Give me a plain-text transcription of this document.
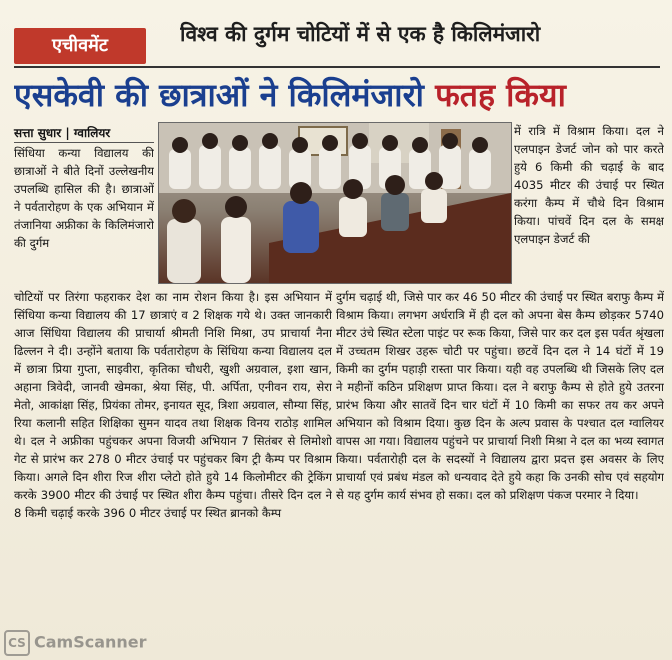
एचीवमेंट	विश्व की दुर्गम चोटियों में से एक है किलिमंजारो
एसकेवी की छात्राओं ने किलिमंजारो फतह किया
सत्ता सुधार | ग्वालियर
सिंधिया कन्या विद्यालय की छात्राओं ने बीते दिनों उल्लेखनीय उपलब्धि हासिल की है। छात्राओं ने पर्वतारोहण के एक अभियान में तंजानिया अफ्रीका के किलिमंजारो की दुर्गम
में रात्रि में विश्राम किया। दल ने एलपाइन डेजर्ट जोन को पार करते हुये 6 किमी की चढ़ाई के बाद 4035 मीटर की उंचाई पर स्थित करंगा कैम्प में चौथे दिन विश्राम किया। पांचवें दिन दल के समक्ष एलपाइन डेजर्ट की
चोटियों पर तिरंगा फहराकर देश का नाम रोशन किया है। इस अभियान में सिंधिया कन्या विद्यालय की 17 छात्राएं व 2 शिक्षक गये थे। उक्त जानकारी आज सिंधिया विद्यालय की प्राचार्या श्रीमती निशि मिश्रा, उप प्राचार्या नैना ढिल्लन ने दी। उन्होंने बताया कि पर्वतारोहण के सिंधिया कन्या विद्यालय दल में छात्रा प्रिया गुप्ता, साइवीरा, कृतिका चौधरी, खुशी अग्रवाल, इशा खान, अहाना त्रिवेदी, जानवी खेमका, श्रेया सिंह, पी. अर्पिता, एनीवन राय, सेरा मेतो, आकांक्षा सिंह, प्रियंका तोमर, इनायत सूद, त्रिशा अग्रवाल, सौम्या सिंह, रिया कलानी सहित शिक्षिका सुमन यादव तथा शिक्षक विनय राठोड़ शामिल थे। दल ने अफ्रीका पहुंचकर अपना विजयी अभियान 7 सितंबर से लिमोशो गेट से प्रारंभ कर 278 0 मीटर उंचाई पर पहुंचकर बिग ट्री कैम्प पर विश्राम किया। अगले दिन शीरा रिज शीरा प्लेटो होते हुये 14 किलोमीटर की ट्रेकिंग करके 3900 मीटर की उंचाई पर स्थित शीरा कैम्प पहुंचा। तीसरे दिन दल ने 8 किमी चढ़ाई करके 396 0 मीटर उंचाई पर स्थित ब्रानको कैम्प
दुर्गम चढ़ाई थी, जिसे पार कर 46 50 मीटर की उंचाई पर स्थित बराफु कैम्प में विश्राम किया। लगभग अर्धरात्रि में ही दल को अपना बेस कैम्प छोड़कर 5740 मीटर उंचे स्थित स्टेला पाइंट पर रूक किया, जिसे पार कर दल इस पर्वत श्रृंखला में उच्चतम शिखर उहरू चोटी पर पहुंचा। छटवें दिन दल ने 14 घंटों में 19 किमी का दुर्गम पहाड़ी रास्ता पार किया। यही वह उपलब्धि थी जिसके लिए दल ने महीनों कठिन प्रशिक्षण प्राप्त किया। दल ने बराफु कैम्प से होते हुये उतरना प्रारंभ किया और सातवें दिन चार घंटों में 10 किमी का सफर तय कर अपने अभियान को विश्राम दिया। कुछ दिन के अल्प प्रवास के पश्चात दल ग्वालियर वापस आ गया। विद्यालय पहुंचने पर प्राचार्या निशी मिश्रा ने दल का भव्य स्वागत किया। पर्वतारोही दल के सदस्यों ने विद्यालय द्वारा प्रदत्त इस अवसर के लिए प्राचार्या एवं प्रबंध मंडल को धन्यवाद देते हुये कहा कि उनकी सोच एवं सहयोग से यह दुर्गम कार्य संभव हो सका। दल को प्रशिक्षण पंकज परमार ने दिया।
CS CamScanner
